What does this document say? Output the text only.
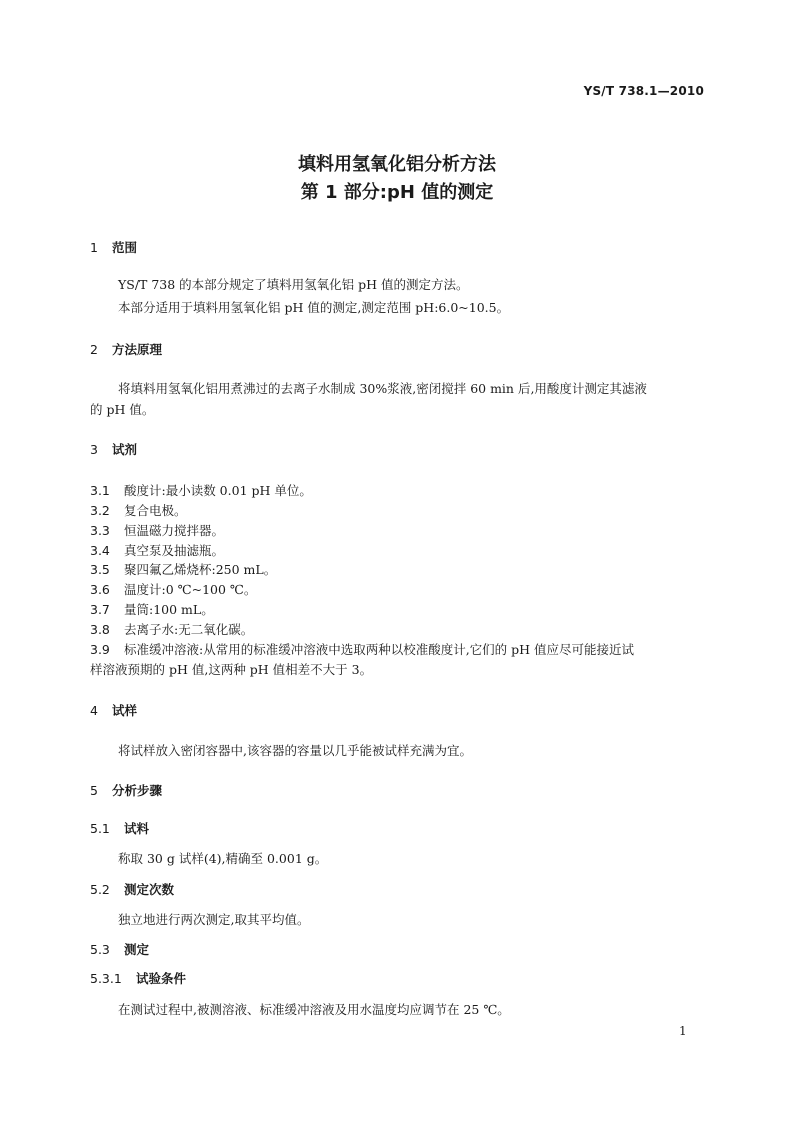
YS/T 738.1—2010
填料用氢氧化铝分析方法
第 1 部分:pH 值的测定
1 范围
YS/T 738 的本部分规定了填料用氢氧化铝 pH 值的测定方法。
本部分适用于填料用氢氧化铝 pH 值的测定,测定范围 pH:6.0~10.5。
2 方法原理
将填料用氢氧化铝用煮沸过的去离子水制成 30%浆液,密闭搅拌 60 min 后,用酸度计测定其滤液
的 pH 值。
3 试剂
3.1 酸度计:最小读数 0.01 pH 单位。
3.2 复合电极。
3.3 恒温磁力搅拌器。
3.4 真空泵及抽滤瓶。
3.5 聚四氟乙烯烧杯:250 mL。
3.6 温度计:0 ℃~100 ℃。
3.7 量筒:100 mL。
3.8 去离子水:无二氧化碳。
3.9 标准缓冲溶液:从常用的标准缓冲溶液中选取两种以校准酸度计,它们的 pH 值应尽可能接近试
样溶液预期的 pH 值,这两种 pH 值相差不大于 3。
4 试样
将试样放入密闭容器中,该容器的容量以几乎能被试样充满为宜。
5 分析步骤
5.1 试料
称取 30 g 试样(4),精确至 0.001 g。
5.2 测定次数
独立地进行两次测定,取其平均值。
5.3 测定
5.3.1 试验条件
在测试过程中,被测溶液、标准缓冲溶液及用水温度均应调节在 25 ℃。
1
